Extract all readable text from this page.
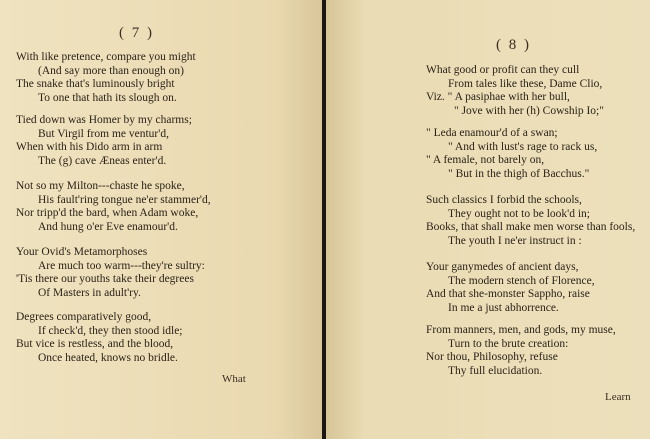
( 7 )
With like pretence, compare you might
(And say more than enough on)
The snake that's luminously bright
To one that hath its slough on.
Tied down was Homer by my charms;
But Virgil from me ventur'd,
When with his Dido arm in arm
The (g) cave Æneas enter'd.
Not so my Milton---chaste he spoke,
His fault'ring tongue ne'er stammer'd,
Nor tripp'd the bard, when Adam woke,
And hung o'er Eve enamour'd.
Your Ovid's Metamorphoses
Are much too warm---they're sultry:
'Tis there our youths take their degrees
Of Masters in adult'ry.
Degrees comparatively good,
If check'd, they then stood idle;
But vice is restless, and the blood,
Once heated, knows no bridle.
What
( 8 )
What good or profit can they cull
From tales like these, Dame Clio,
Viz. " A pasiphae with her bull,
" Jove with her (h) Cowship Io;"
" Leda enamour'd of a swan;
" And with lust's rage to rack us,
" A female, not barely on,
" But in the thigh of Bacchus."
Such classics I forbid the schools,
They ought not to be look'd in;
Books, that shall make men worse than fools,
The youth I ne'er instruct in :
Your ganymedes of ancient days,
The modern stench of Florence,
And that she-monster Sappho, raise
In me a just abhorrence.
From manners, men, and gods, my muse,
Turn to the brute creation:
Nor thou, Philosophy, refuse
Thy full elucidation.
Learn
